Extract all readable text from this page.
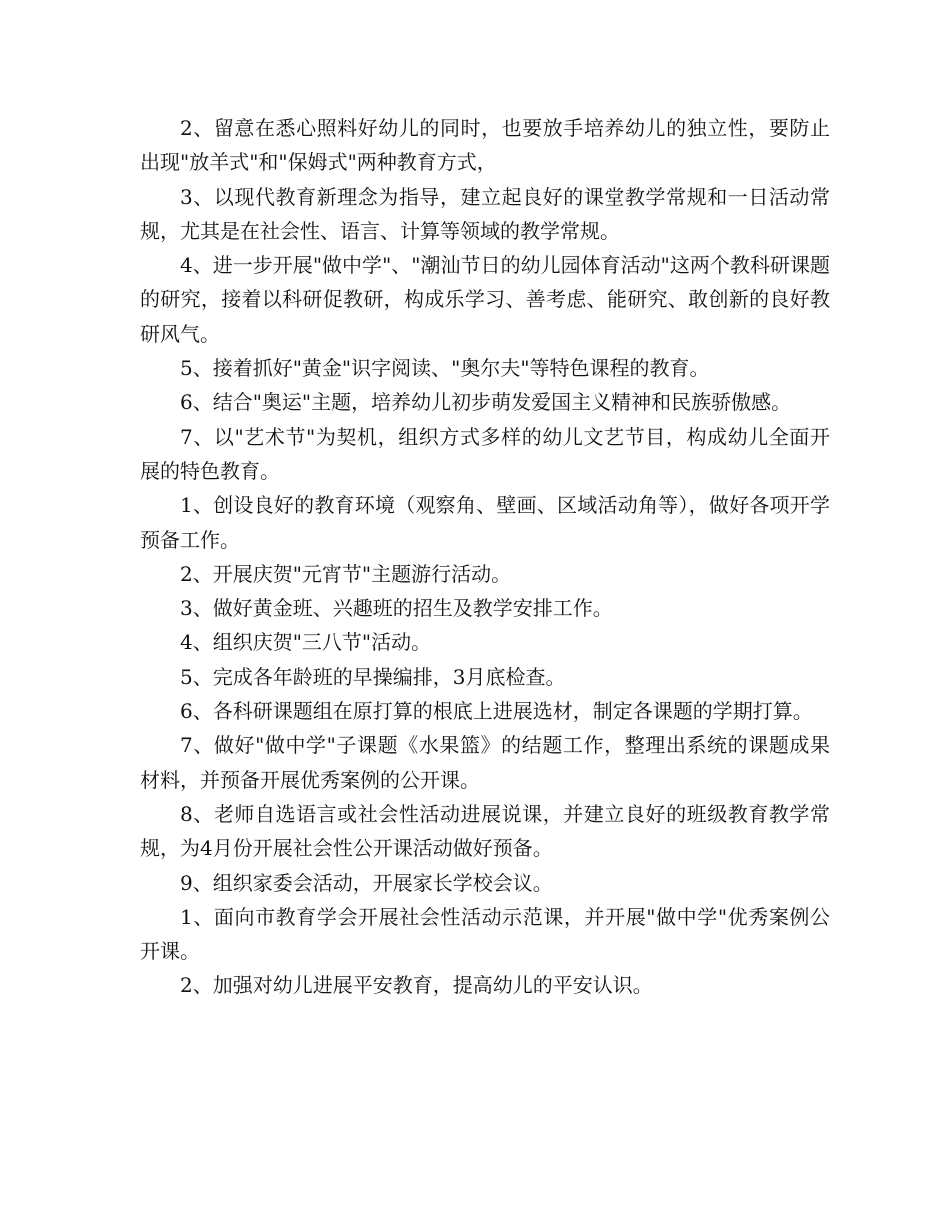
2、留意在悉心照料好幼儿的同时，也要放手培养幼儿的独立性，要防止出现"放羊式"和"保姆式"两种教育方式，

3、以现代教育新理念为指导，建立起良好的课堂教学常规和一日活动常规，尤其是在社会性、语言、计算等领域的教学常规。

4、进一步开展"做中学"、"潮汕节日的幼儿园体育活动"这两个教科研课题的研究，接着以科研促教研，构成乐学习、善考虑、能研究、敢创新的良好教研风气。

5、接着抓好"黄金"识字阅读、"奥尔夫"等特色课程的教育。

6、结合"奥运"主题，培养幼儿初步萌发爱国主义精神和民族骄傲感。

7、以"艺术节"为契机，组织方式多样的幼儿文艺节目，构成幼儿全面开展的特色教育。

1、创设良好的教育环境（观察角、壁画、区域活动角等），做好各项开学预备工作。

2、开展庆贺"元宵节"主题游行活动。

3、做好黄金班、兴趣班的招生及教学安排工作。

4、组织庆贺"三八节"活动。

5、完成各年龄班的早操编排，3月底检查。

6、各科研课题组在原打算的根底上进展选材，制定各课题的学期打算。

7、做好"做中学"子课题《水果篮》的结题工作，整理出系统的课题成果材料，并预备开展优秀案例的公开课。

8、老师自选语言或社会性活动进展说课，并建立良好的班级教育教学常规，为4月份开展社会性公开课活动做好预备。

9、组织家委会活动，开展家长学校会议。

1、面向市教育学会开展社会性活动示范课，并开展"做中学"优秀案例公开课。

2、加强对幼儿进展平安教育，提高幼儿的平安认识。
